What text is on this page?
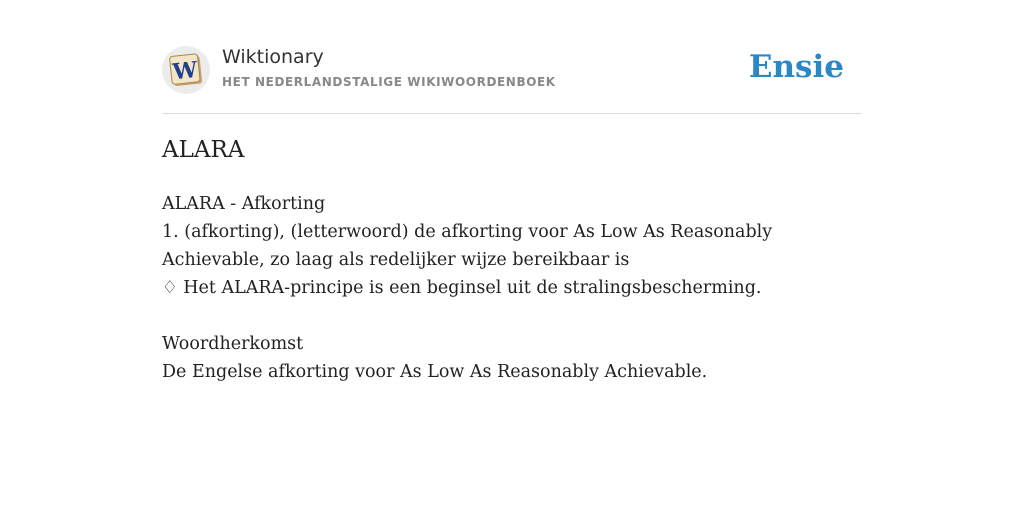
W Wiktionary
HET NEDERLANDSTALIGE WIKIWOORDENBOEK	Ensie
ALARA

ALARA - Afkorting

1. (afkorting), (letterwoord) de afkorting voor As Low As Reasonably Achievable, zo laag als redelijker wijze bereikbaar is

♢ Het ALARA-principe is een beginsel uit de stralingsbescherming.

Woordherkomst

De Engelse afkorting voor As Low As Reasonably Achievable.
